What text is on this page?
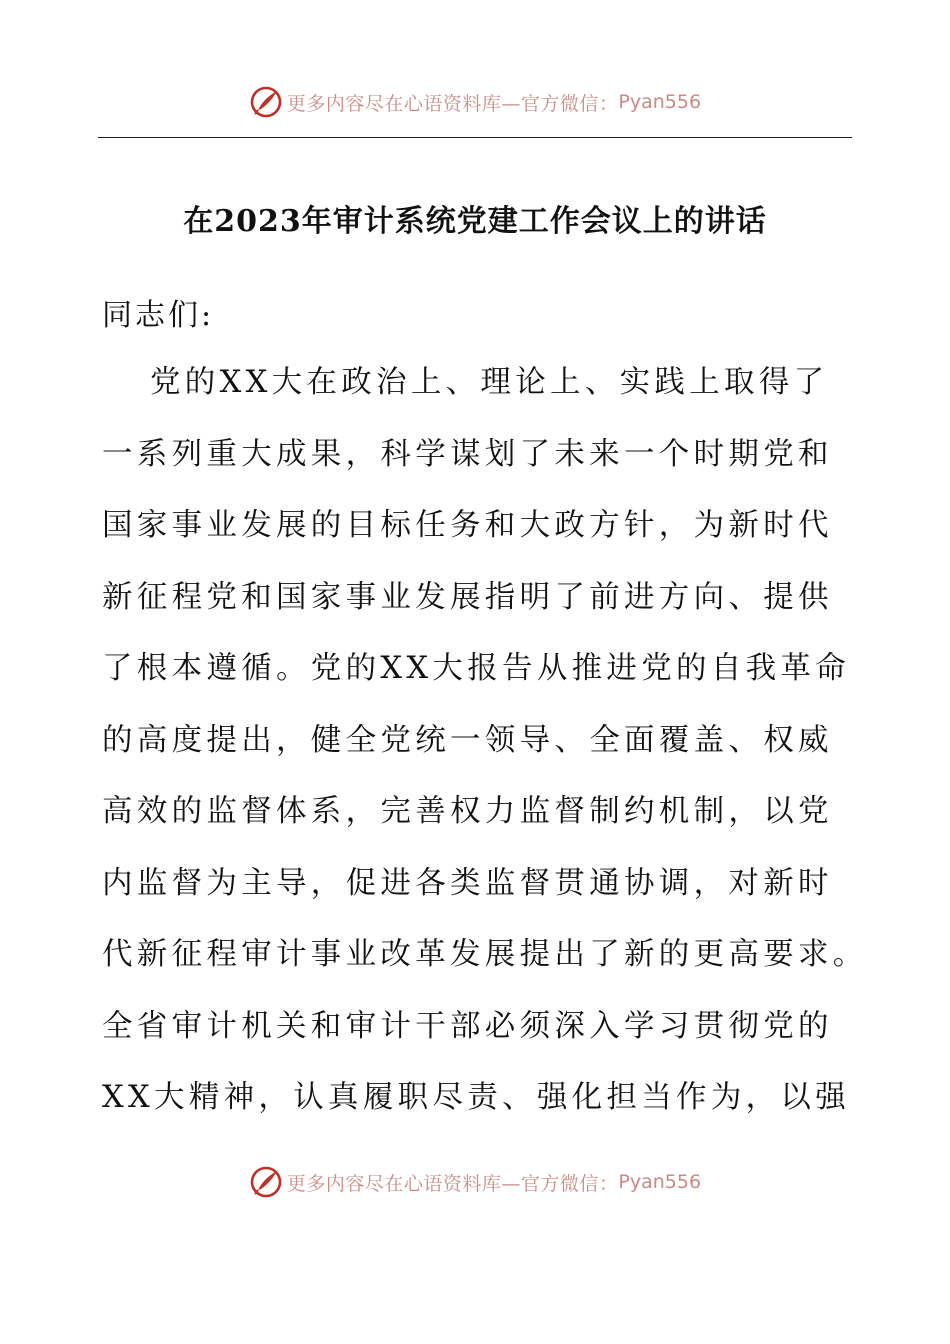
更多内容尽在心语资料库—官方微信： Pyan556
在2023年审计系统党建工作会议上的讲话

同志们:

党的XX大在政治上、理论上、实践上取得了
一系列重大成果，科学谋划了未来一个时期党和
国家事业发展的目标任务和大政方针，为新时代
新征程党和国家事业发展指明了前进方向、提供
了根本遵循。党的XX大报告从推进党的自我革命
的高度提出，健全党统一领导、全面覆盖、权威
高效的监督体系，完善权力监督制约机制，以党
内监督为主导，促进各类监督贯通协调，对新时
代新征程审计事业改革发展提出了新的更高要求。
全省审计机关和审计干部必须深入学习贯彻党的
XX大精神，认真履职尽责、强化担当作为，以强
更多内容尽在心语资料库—官方微信： Pyan556
